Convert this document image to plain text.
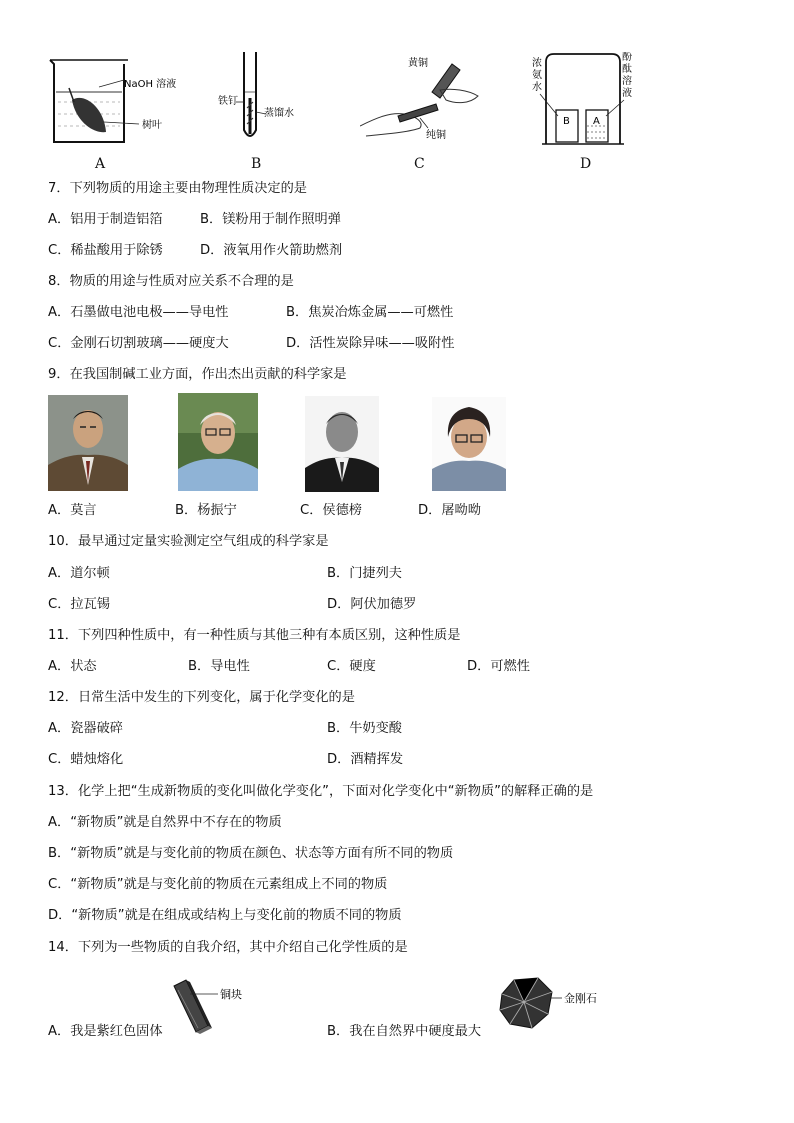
NaOH 溶液
树叶
A
铁钉
蒸馏水
B
黄铜
纯铜
C
B A
浓
氨
水
酚
酞
溶
液
D
7．下列物质的用途主要由物理性质决定的是
A．铝用于制造铝箔	B．镁粉用于制作照明弹
C．稀盐酸用于除锈	D．液氧用作火箭助燃剂
8．物质的用途与性质对应关系不合理的是
A．石墨做电池电极——导电性	B．焦炭冶炼金属——可燃性
C．金刚石切割玻璃——硬度大	D．活性炭除异味——吸附性
9．在我国制碱工业方面，作出杰出贡献的科学家是
A．莫言	B．杨振宁	C．侯德榜	D．屠呦呦
10．最早通过定量实验测定空气组成的科学家是
A．道尔顿	B．门捷列夫
C．拉瓦锡	D．阿伏加德罗
11．下列四种性质中，有一种性质与其他三种有本质区别，这种性质是
A．状态	B．导电性	C．硬度	D．可燃性
12．日常生活中发生的下列变化，属于化学变化的是
A．瓷器破碎	B．牛奶变酸
C．蜡烛熔化	D．酒精挥发
13．化学上把“生成新物质的变化叫做化学变化”，下面对化学变化中“新物质”的解释正确的是
A．“新物质”就是自然界中不存在的物质
B．“新物质”就是与变化前的物质在颜色、状态等方面有所不同的物质
C．“新物质”就是与变化前的物质在元素组成上不同的物质
D．“新物质”就是在组成或结构上与变化前的物质不同的物质
14．下列为一些物质的自我介绍，其中介绍自己化学性质的是
铜块	金刚石
A．我是紫红色固体	B．我在自然界中硬度最大
